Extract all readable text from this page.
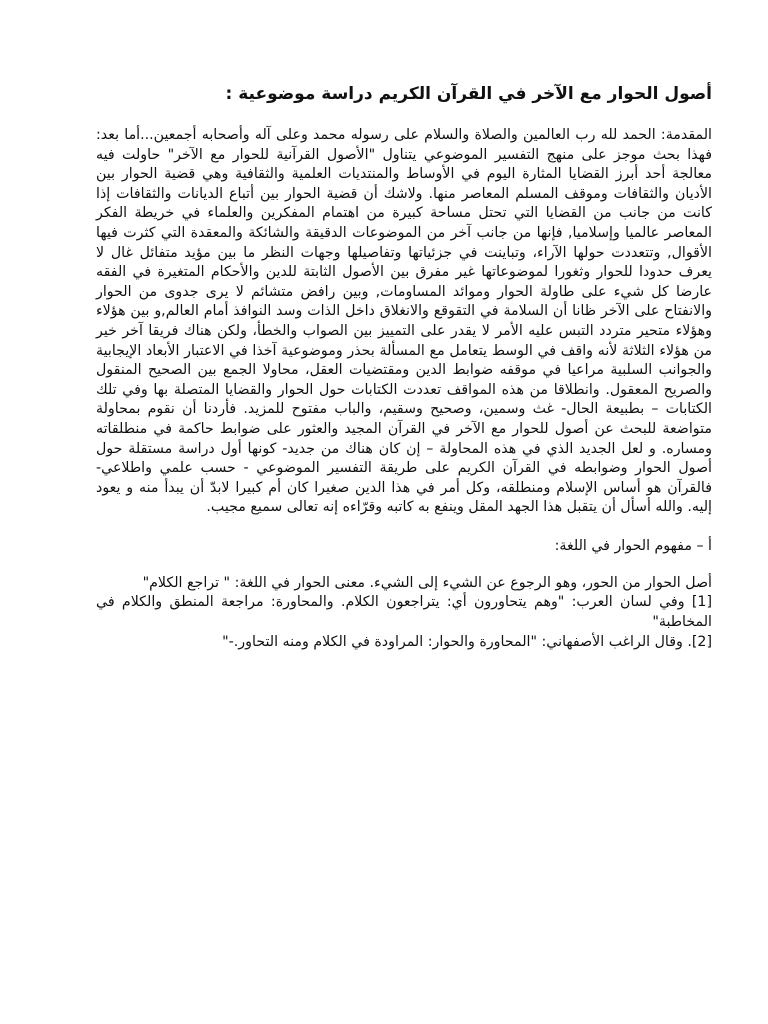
أصول الحوار مع الآخر في القرآن الكريم دراسة موضوعية :

المقدمة: الحمد لله رب العالمين والصلاة والسلام على رسوله محمد وعلى آله وأصحابه أجمعين...أما بعد: فهذا بحث موجز على منهج التفسير الموضوعي يتناول "الأصول القرآنية للحوار مع الآخر" حاولت فيه معالجة أحد أبرز القضايا المثارة اليوم في الأوساط والمنتديات العلمية والثقافية وهي قضية الحوار بين الأديان والثقافات وموقف المسلم المعاصر منها. ولاشك أن قضية الحوار بين أتباع الديانات والثقافات إذا كانت من جانب من القضايا التي تحتل مساحة كبيرة من اهتمام المفكرين والعلماء في خريطة الفكر المعاصر عالميا وإسلاميا, فإنها من جانب آخر من الموضوعات الدقيقة والشائكة والمعقدة التي كثرت فيها الأقوال, وتتعددت حولها الآراء، وتباينت في جزئياتها وتفاصيلها وجهات النظر ما بين مؤيد متفائل غال لا يعرف حدودا للحوار وثغورا لموضوعاتها غير مفرق بين الأصول الثابتة للدين والأحكام المتغيرة في الفقه عارضا كل شيء على طاولة الحوار وموائد المساومات, وبين رافض متشائم لا يرى جدوى من الحوار والانفتاح على الآخر ظانا أن السلامة في التقوقع والانغلاق داخل الذات وسد النوافذ أمام العالم,و بين هؤلاء وهؤلاء متحير متردد التبس عليه الأمر لا يقدر على التمييز بين الصواب والخطأ، ولكن هناك فريقا آخر خير من هؤلاء الثلاثة لأنه واقف في الوسط يتعامل مع المسألة بحذر وموضوعية آخذا في الاعتبار الأبعاد الإيجابية والجوانب السلبية مراعيا في موقفه ضوابط الدين ومقتضيات العقل، محاولا الجمع بين الصحيح المنقول والصريح المعقول. وانطلاقا من هذه المواقف تعددت الكتابات حول الحوار والقضايا المتصلة بها وفي تلك الكتابات – بطبيعة الحال- غث وسمين، وصحيح وسقيم، والباب مفتوح للمزيد. فأردنا أن نقوم بمحاولة متواضعة للبحث عن أصول للحوار مع الآخر في القرآن المجيد والعثور على ضوابط حاكمة في منطلقاته ومساره. و لعل الجديد الذي في هذه المحاولة – إن كان هناك من جديد- كونها أول دراسة مستقلة حول أصول الحوار وضوابطه في القرآن الكريم على طريقة التفسير الموضوعي - حسب علمي واطلاعي- فالقرآن هو أساس الإسلام ومنطلقه، وكل أمر في هذا الدين صغيرا كان أم كبيرا لابدّ أن يبدأ منه و يعود إليه. والله أسأل أن يتقبل هذا الجهد المقل وينفع به كاتبه وقرّاءه إنه تعالى سميع مجيب.

أ – مفهوم الحوار في اللغة:

أصل الحوار من الحور، وهو الرجوع عن الشيء إلى الشيء. معنى الحوار في اللغة: " تراجع الكلام"

[1] وفي لسان العرب: "وهم يتحاورون أي: يتراجعون الكلام. والمحاورة: مراجعة المنطق والكلام في المخاطبة"

[2]. وقال الراغب الأصفهاني: "المحاورة والحوار: المراودة في الكلام ومنه التحاور.-"
